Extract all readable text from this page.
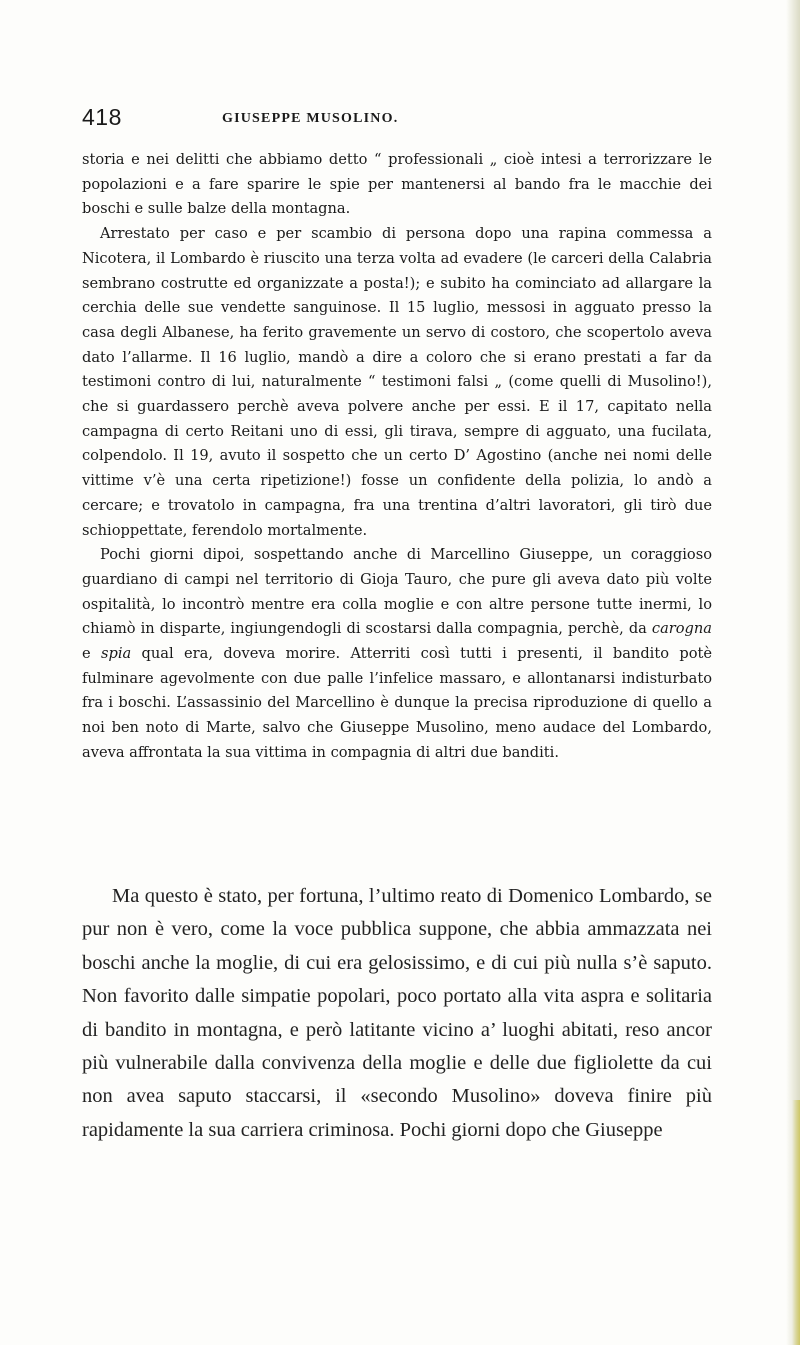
418	GIUSEPPE MUSOLINO.

storia e nei delitti che abbiamo detto “ professionali „ cioè intesi a terrorizzare le popolazioni e a fare sparire le spie per mantenersi al bando fra le macchie dei boschi e sulle balze della montagna.

Arrestato per caso e per scambio di persona dopo una rapina commessa a Nicotera, il Lombardo è riuscito una terza volta ad evadere (le carceri della Calabria sembrano costrutte ed organizzate a posta!); e subito ha cominciato ad allargare la cerchia delle sue vendette sanguinose. Il 15 luglio, messosi in agguato presso la casa degli Albanese, ha ferito gravemente un servo di costoro, che scopertolo aveva dato l’allarme. Il 16 luglio, mandò a dire a coloro che si erano prestati a far da testimoni contro di lui, naturalmente “ testimoni falsi „ (come quelli di Musolino!), che si guardassero perchè aveva polvere anche per essi. E il 17, capitato nella campagna di certo Reitani uno di essi, gli tirava, sempre di agguato, una fucilata, colpendolo. Il 19, avuto il sospetto che un certo D’ Agostino (anche nei nomi delle vittime v’è una certa ripetizione!) fosse un confidente della polizia, lo andò a cercare; e trovatolo in campagna, fra una trentina d’altri lavoratori, gli tirò due schioppettate, ferendolo mortalmente.

Pochi giorni dipoi, sospettando anche di Marcellino Giuseppe, un coraggioso guardiano di campi nel territorio di Gioja Tauro, che pure gli aveva dato più volte ospitalità, lo incontrò mentre era colla moglie e con altre persone tutte inermi, lo chiamò in disparte, ingiungendogli di scostarsi dalla compagnia, perchè, da carogna e spia qual era, doveva morire. Atterriti così tutti i presenti, il bandito potè fulminare agevolmente con due palle l’infelice massaro, e allontanarsi indisturbato fra i boschi. L’assassinio del Marcellino è dunque la precisa riproduzione di quello a noi ben noto di Marte, salvo che Giuseppe Musolino, meno audace del Lombardo, aveva affrontata la sua vittima in compagnia di altri due banditi.

Ma questo è stato, per fortuna, l’ultimo reato di Domenico Lombardo, se pur non è vero, come la voce pubblica suppone, che abbia ammazzata nei boschi anche la moglie, di cui era gelosissimo, e di cui più nulla s’è saputo. Non favorito dalle simpatie popolari, poco portato alla vita aspra e solitaria di bandito in montagna, e però latitante vicino a’ luoghi abitati, reso ancor più vulnerabile dalla convivenza della moglie e delle due figliolette da cui non avea saputo staccarsi, il «secondo Musolino» doveva finire più rapidamente la sua carriera criminosa. Pochi giorni dopo che Giuseppe
